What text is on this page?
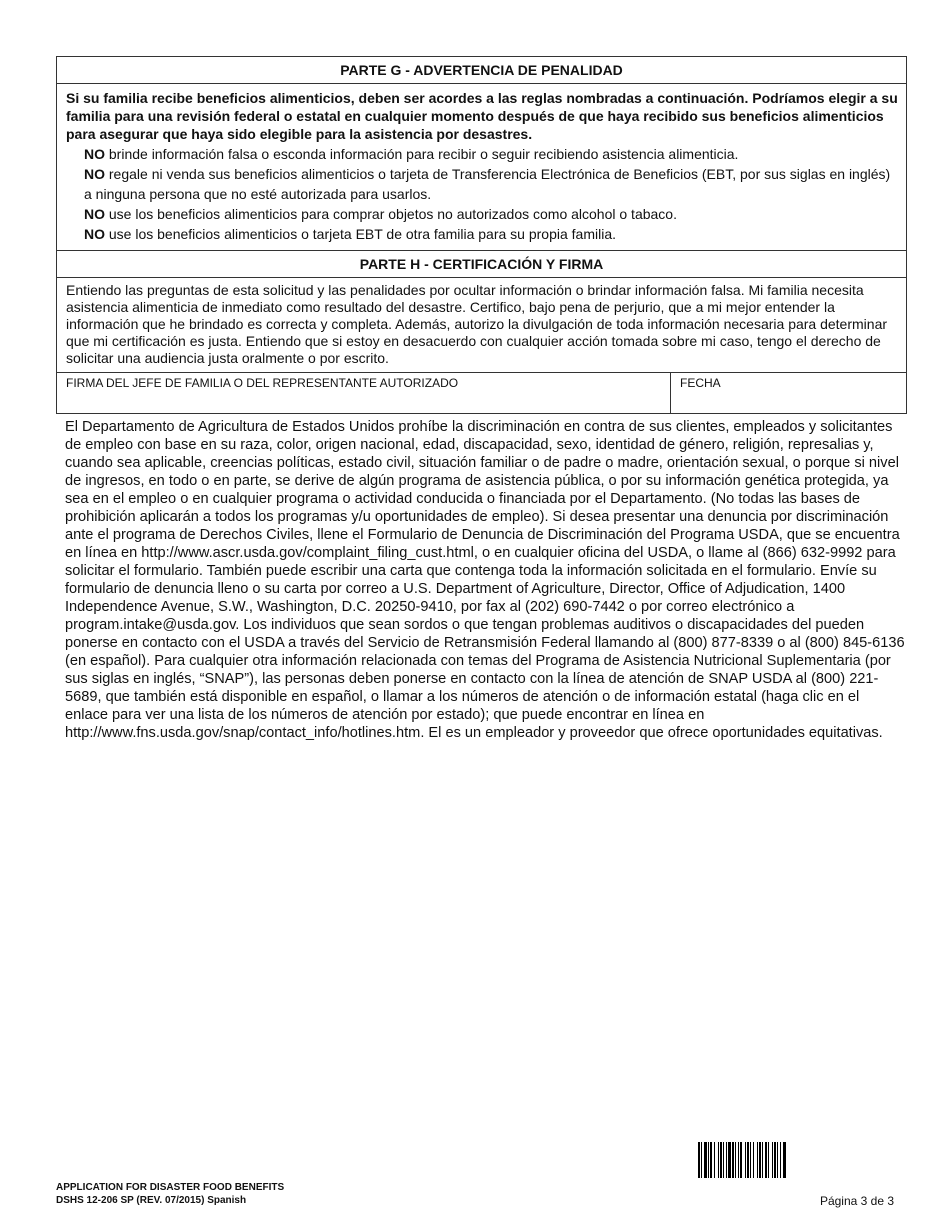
PARTE G - ADVERTENCIA DE PENALIDAD
Si su familia recibe beneficios alimenticios, deben ser acordes a las reglas nombradas a continuación. Podríamos elegir a su familia para una revisión federal o estatal en cualquier momento después de que haya recibido sus beneficios alimenticios para asegurar que haya sido elegible para la asistencia por desastres.
NO brinde información falsa o esconda información para recibir o seguir recibiendo asistencia alimenticia.
NO regale ni venda sus beneficios alimenticios o tarjeta de Transferencia Electrónica de Beneficios (EBT, por sus siglas en inglés) a ninguna persona que no esté autorizada para usarlos.
NO use los beneficios alimenticios para comprar objetos no autorizados como alcohol o tabaco.
NO use los beneficios alimenticios o tarjeta EBT de otra familia para su propia familia.
PARTE H - CERTIFICACIÓN Y FIRMA
Entiendo las preguntas de esta solicitud y las penalidades por ocultar información o brindar información falsa. Mi familia necesita asistencia alimenticia de inmediato como resultado del desastre. Certifico, bajo pena de perjurio, que a mi mejor entender la información que he brindado es correcta y completa. Además, autorizo la divulgación de toda información necesaria para determinar que mi certificación es justa. Entiendo que si estoy en desacuerdo con cualquier acción tomada sobre mi caso, tengo el derecho de solicitar una audiencia justa oralmente o por escrito.
FIRMA DEL JEFE DE FAMILIA O DEL REPRESENTANTE AUTORIZADO	FECHA

El Departamento de Agricultura de Estados Unidos prohíbe la discriminación en contra de sus clientes, empleados y solicitantes de empleo con base en su raza, color, origen nacional, edad, discapacidad, sexo, identidad de género, religión, represalias y, cuando sea aplicable, creencias políticas, estado civil, situación familiar o de padre o madre, orientación sexual, o porque si nivel de ingresos, en todo o en parte, se derive de algún programa de asistencia pública, o por su información genética protegida, ya sea en el empleo o en cualquier programa o actividad conducida o financiada por el Departamento. (No todas las bases de prohibición aplicarán a todos los programas y/u oportunidades de empleo). Si desea presentar una denuncia por discriminación ante el programa de Derechos Civiles, llene el Formulario de Denuncia de Discriminación del Programa USDA, que se encuentra en línea en http://www.ascr.usda.gov/complaint_filing_cust.html, o en cualquier oficina del USDA, o llame al (866) 632-9992 para solicitar el formulario. También puede escribir una carta que contenga toda la información solicitada en el formulario. Envíe su formulario de denuncia lleno o su carta por correo a U.S. Department of Agriculture, Director, Office of Adjudication, 1400 Independence Avenue, S.W., Washington, D.C. 20250-9410, por fax al (202) 690-7442 o por correo electrónico a program.intake@usda.gov. Los individuos que sean sordos o que tengan problemas auditivos o discapacidades del pueden ponerse en contacto con el USDA a través del Servicio de Retransmisión Federal llamando al (800) 877-8339 o al (800) 845-6136 (en español). Para cualquier otra información relacionada con temas del Programa de Asistencia Nutricional Suplementaria (por sus siglas en inglés, “SNAP”), las personas deben ponerse en contacto con la línea de atención de SNAP USDA al (800) 221-5689, que también está disponible en español, o llamar a los números de atención o de información estatal (haga clic en el enlace para ver una lista de los números de atención por estado); que puede encontrar en línea en http://www.fns.usda.gov/snap/contact_info/hotlines.htm. El es un empleador y proveedor que ofrece oportunidades equitativas.

APPLICATION FOR DISASTER FOOD BENEFITS
DSHS 12-206 SP (REV. 07/2015) Spanish	Página 3 de 3
